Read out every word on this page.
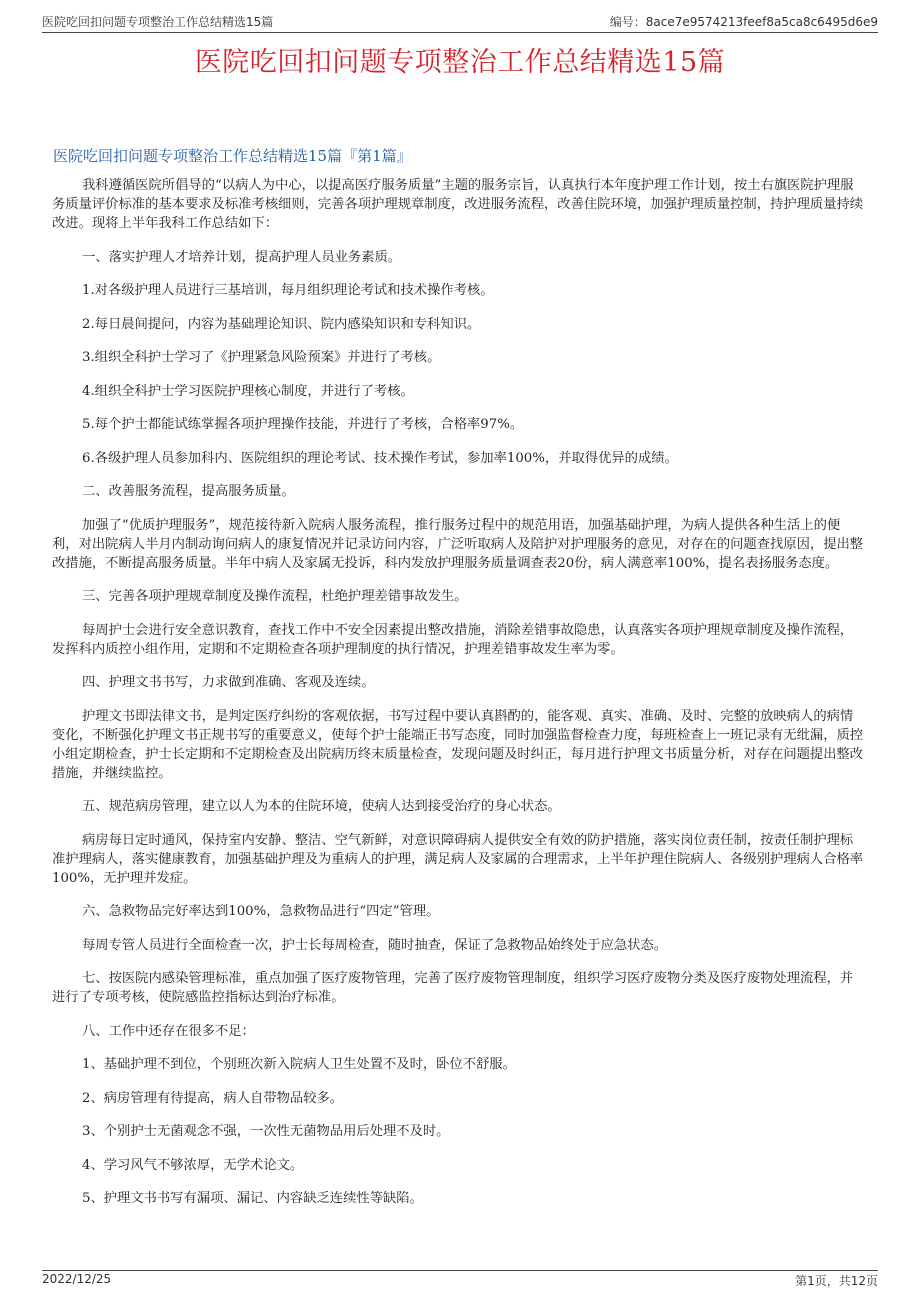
医院吃回扣问题专项整治工作总结精选15篇	编号：8ace7e9574213feef8a5ca8c6495d6e9
医院吃回扣问题专项整治工作总结精选15篇
医院吃回扣问题专项整治工作总结精选15篇『第1篇』

我科遵循医院所倡导的“以病人为中心，以提高医疗服务质量”主题的服务宗旨，认真执行本年度护理工作计划，按土右旗医院护理服务质量评价标准的基本要求及标准考核细则，完善各项护理规章制度，改进服务流程，改善住院环境，加强护理质量控制，持护理质量持续改进。现将上半年我科工作总结如下：

一、落实护理人才培养计划，提高护理人员业务素质。

1.对各级护理人员进行三基培训，每月组织理论考试和技术操作考核。

2.每日晨间提问，内容为基础理论知识、院内感染知识和专科知识。

3.组织全科护士学习了《护理紧急风险预案》并进行了考核。

4.组织全科护士学习医院护理核心制度，并进行了考核。

5.每个护士都能试练掌握各项护理操作技能，并进行了考核，合格率97%。

6.各级护理人员参加科内、医院组织的理论考试、技术操作考试，参加率100%，并取得优异的成绩。

二、改善服务流程，提高服务质量。

加强了“优质护理服务”，规范接待新入院病人服务流程，推行服务过程中的规范用语，加强基础护理，为病人提供各种生活上的便利，对出院病人半月内制动询问病人的康复情况并记录访问内容，广泛听取病人及陪护对护理服务的意见，对存在的问题查找原因，提出整改措施，不断提高服务质量。半年中病人及家属无投诉，科内发放护理服务质量调查表20份，病人满意率100%，提名表扬服务态度。

三、完善各项护理规章制度及操作流程，杜绝护理差错事故发生。

每周护士会进行安全意识教育，查找工作中不安全因素提出整改措施，消除差错事故隐患，认真落实各项护理规章制度及操作流程，发挥科内质控小组作用，定期和不定期检查各项护理制度的执行情况，护理差错事故发生率为零。

四、护理文书书写，力求做到准确、客观及连续。

护理文书即法律文书，是判定医疗纠纷的客观依据，书写过程中要认真斟酌的，能客观、真实、准确、及时、完整的放映病人的病情变化，不断强化护理文书正规书写的重要意义，使每个护士能端正书写态度，同时加强监督检查力度，每班检查上一班记录有无纰漏，质控小组定期检查，护士长定期和不定期检查及出院病历终末质量检查，发现问题及时纠正，每月进行护理文书质量分析，对存在问题提出整改措施，并继续监控。

五、规范病房管理，建立以人为本的住院环境，使病人达到接受治疗的身心状态。

病房每日定时通风，保持室内安静、整洁、空气新鲜，对意识障碍病人提供安全有效的防护措施，落实岗位责任制，按责任制护理标准护理病人，落实健康教育，加强基础护理及为重病人的护理，满足病人及家属的合理需求，上半年护理住院病人、各级别护理病人合格率100%，无护理并发症。

六、急救物品完好率达到100%，急救物品进行“四定”管理。

每周专管人员进行全面检查一次，护士长每周检查，随时抽查，保证了急救物品始终处于应急状态。

七、按医院内感染管理标准，重点加强了医疗废物管理，完善了医疗废物管理制度，组织学习医疗废物分类及医疗废物处理流程，并进行了专项考核，使院感监控指标达到治疗标准。

八、工作中还存在很多不足：

1、基础护理不到位，个别班次新入院病人卫生处置不及时，卧位不舒服。

2、病房管理有待提高，病人自带物品较多。

3、个别护士无菌观念不强，一次性无菌物品用后处理不及时。

4、学习风气不够浓厚，无学术论文。

5、护理文书书写有漏项、漏记、内容缺乏连续性等缺陷。

2022/12/25	第1页，共12页
